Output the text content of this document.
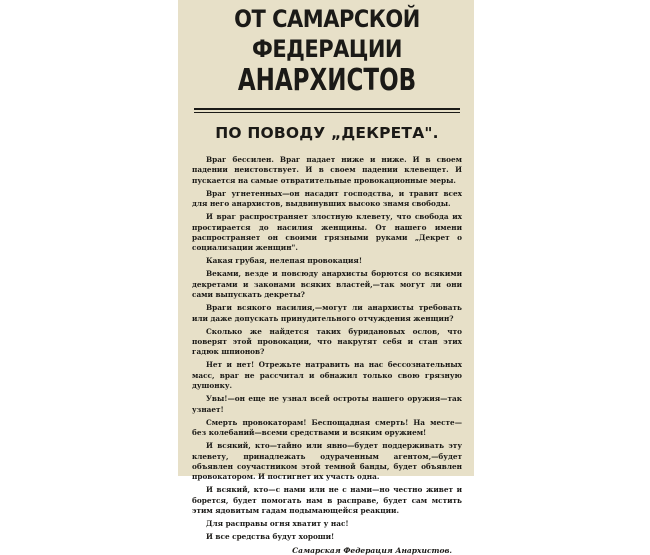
ОТ САМАРСКОЙ ФЕДЕРАЦИИ
АНАРХИСТОВ
ПО ПОВОДУ „ДЕКРЕТА".

Враг бессилен. Враг падает ниже и ниже. И в своем падении неистовствует. И в своем падении клевещет. И пускается на самые отвратительные провокационные меры.

Враг угнетенных—он насадит господства, и травит всех для него анархистов, выдвинувших высоко знамя свободы.

И враг распространяет злостную клевету, что свобода их простирается до насилия женщины. От нашего имени распространяет он своими грязными руками „Декрет о социализации женщин".

Какая грубая, нелепая провокация!

Веками, везде и повсюду анархисты борются со всякими декретами и законами всяких властей,—так могут ли они сами выпускать декреты?

Враги всякого насилия,—могут ли анархисты требовать или даже допускать принудительного отчуждения женщин?

Сколько же найдется таких буридановых ослов, что поверят этой провокации, что накрутят себя и стан этих гадюк шпионов?

Нет и нет! Отрежьте натравить на нас бессознательных масс, враг не рассчитал и обнажил только свою грязную душонку.

Увы!—он еще не узнал всей остроты нашего оружия—так узнает!

Смерть провокаторам! Беспощадная смерть! На месте—без колебаний—всеми средствами и всяким оружием!

И всякий, кто—тайно или явно—будет поддерживать эту клевету, принадлежать одураченным агентом,—будет объявлен соучастником этой темной банды, будет объявлен провокатором. И постигнет их участь одна.

И всякий, кто—с нами или не с нами—но честно живет и борется, будет помогать нам в расправе, будет сам мстить этим ядовитым гадам подымающейся реакции.

Для расправы огня хватит у нас!

И все средства будут хороши!

Самарская Федерация Анархистов.
